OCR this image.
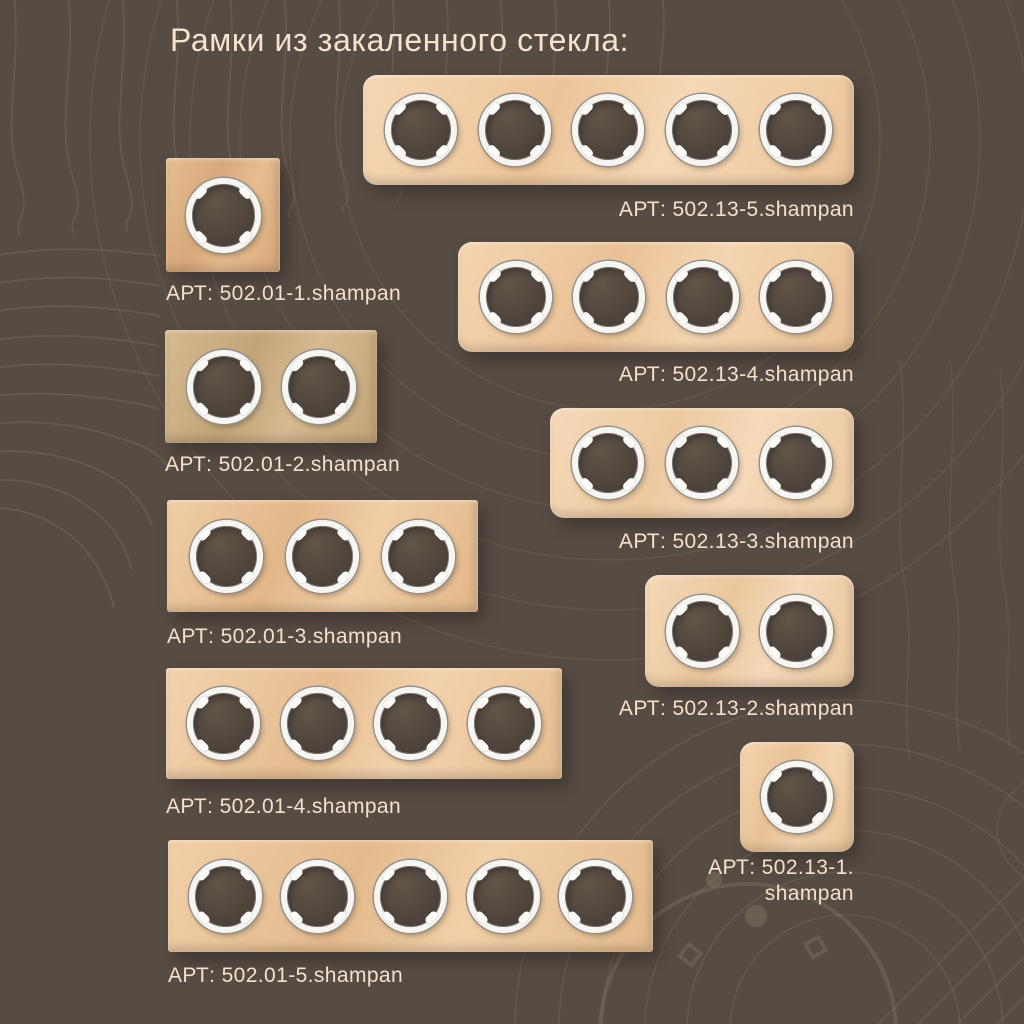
Рамки из закаленного стекла:
АРТ: 502.01-1.shampan
АРТ: 502.01-2.shampan
АРТ: 502.01-3.shampan
АРТ: 502.01-4.shampan
АРТ: 502.01-5.shampan
АРТ: 502.13-5.shampan
АРТ: 502.13-4.shampan
АРТ: 502.13-3.shampan
АРТ: 502.13-2.shampan
АРТ: 502.13-1.
shampan
